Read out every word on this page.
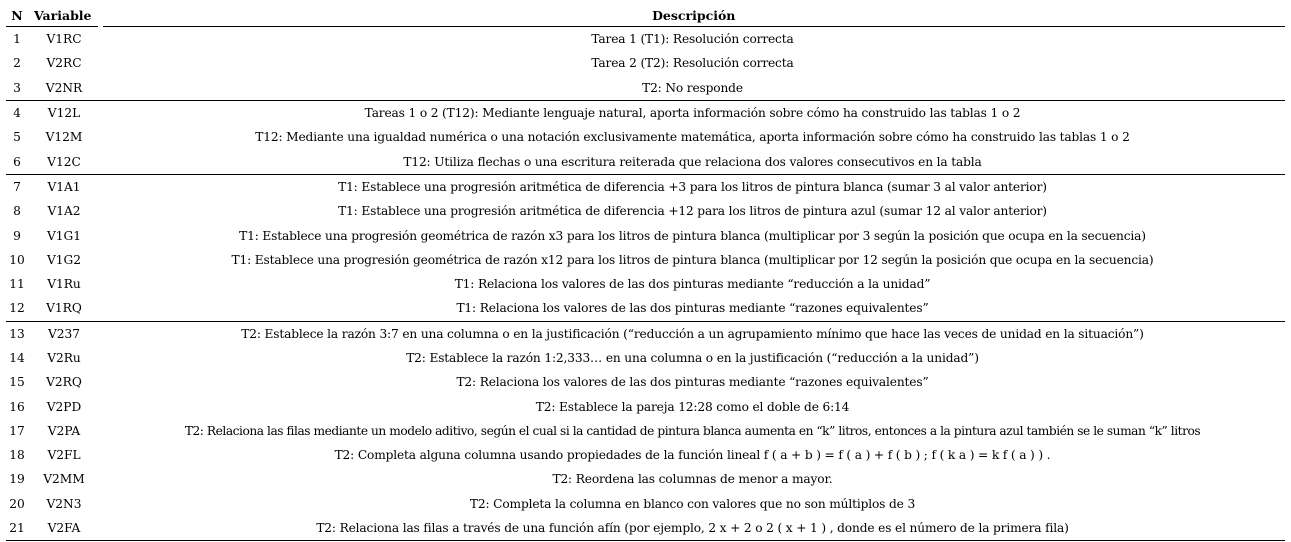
N	Variable	Descripción
1	V1RC	Tarea 1 (T1): Resolución correcta
2	V2RC	Tarea 2 (T2): Resolución correcta
3	V2NR	T2: No responde
4	V12L	Tareas 1 o 2 (T12): Mediante lenguaje natural, aporta información sobre cómo ha construido las tablas 1 o 2
5	V12M	T12: Mediante una igualdad numérica o una notación exclusivamente matemática, aporta información sobre cómo ha construido las tablas 1 o 2
6	V12C	T12: Utiliza flechas o una escritura reiterada que relaciona dos valores consecutivos en la tabla
7	V1A1	T1: Establece una progresión aritmética de diferencia +3 para los litros de pintura blanca (sumar 3 al valor anterior)
8	V1A2	T1: Establece una progresión aritmética de diferencia +12 para los litros de pintura azul (sumar 12 al valor anterior)
9	V1G1	T1: Establece una progresión geométrica de razón x3 para los litros de pintura blanca (multiplicar por 3 según la posición que ocupa en la secuencia)
10	V1G2	T1: Establece una progresión geométrica de razón x12 para los litros de pintura blanca (multiplicar por 12 según la posición que ocupa en la secuencia)
11	V1Ru	T1: Relaciona los valores de las dos pinturas mediante “reducción a la unidad”
12	V1RQ	T1: Relaciona los valores de las dos pinturas mediante “razones equivalentes”
13	V237	T2: Establece la razón 3:7 en una columna o en la justificación (“reducción a un agrupamiento mínimo que hace las veces de unidad en la situación”)
14	V2Ru	T2: Establece la razón 1:2,333… en una columna o en la justificación (“reducción a la unidad”)
15	V2RQ	T2: Relaciona los valores de las dos pinturas mediante “razones equivalentes”
16	V2PD	T2: Establece la pareja 12:28 como el doble de 6:14
17	V2PA	T2: Relaciona las filas mediante un modelo aditivo, según el cual si la cantidad de pintura blanca aumenta en “k” litros, entonces a la pintura azul también se le suman “k” litros
18	V2FL	T2: Completa alguna columna usando propiedades de la función lineal f ( a + b ) = f ( a ) + f ( b ) ; f ( k a ) = k f ( a ) ) .
19	V2MM	T2: Reordena las columnas de menor a mayor.
20	V2N3	T2: Completa la columna en blanco con valores que no son múltiplos de 3
21	V2FA	T2: Relaciona las filas a través de una función afín (por ejemplo, 2 x + 2 o 2 ( x + 1 ) , donde es el número de la primera fila)
